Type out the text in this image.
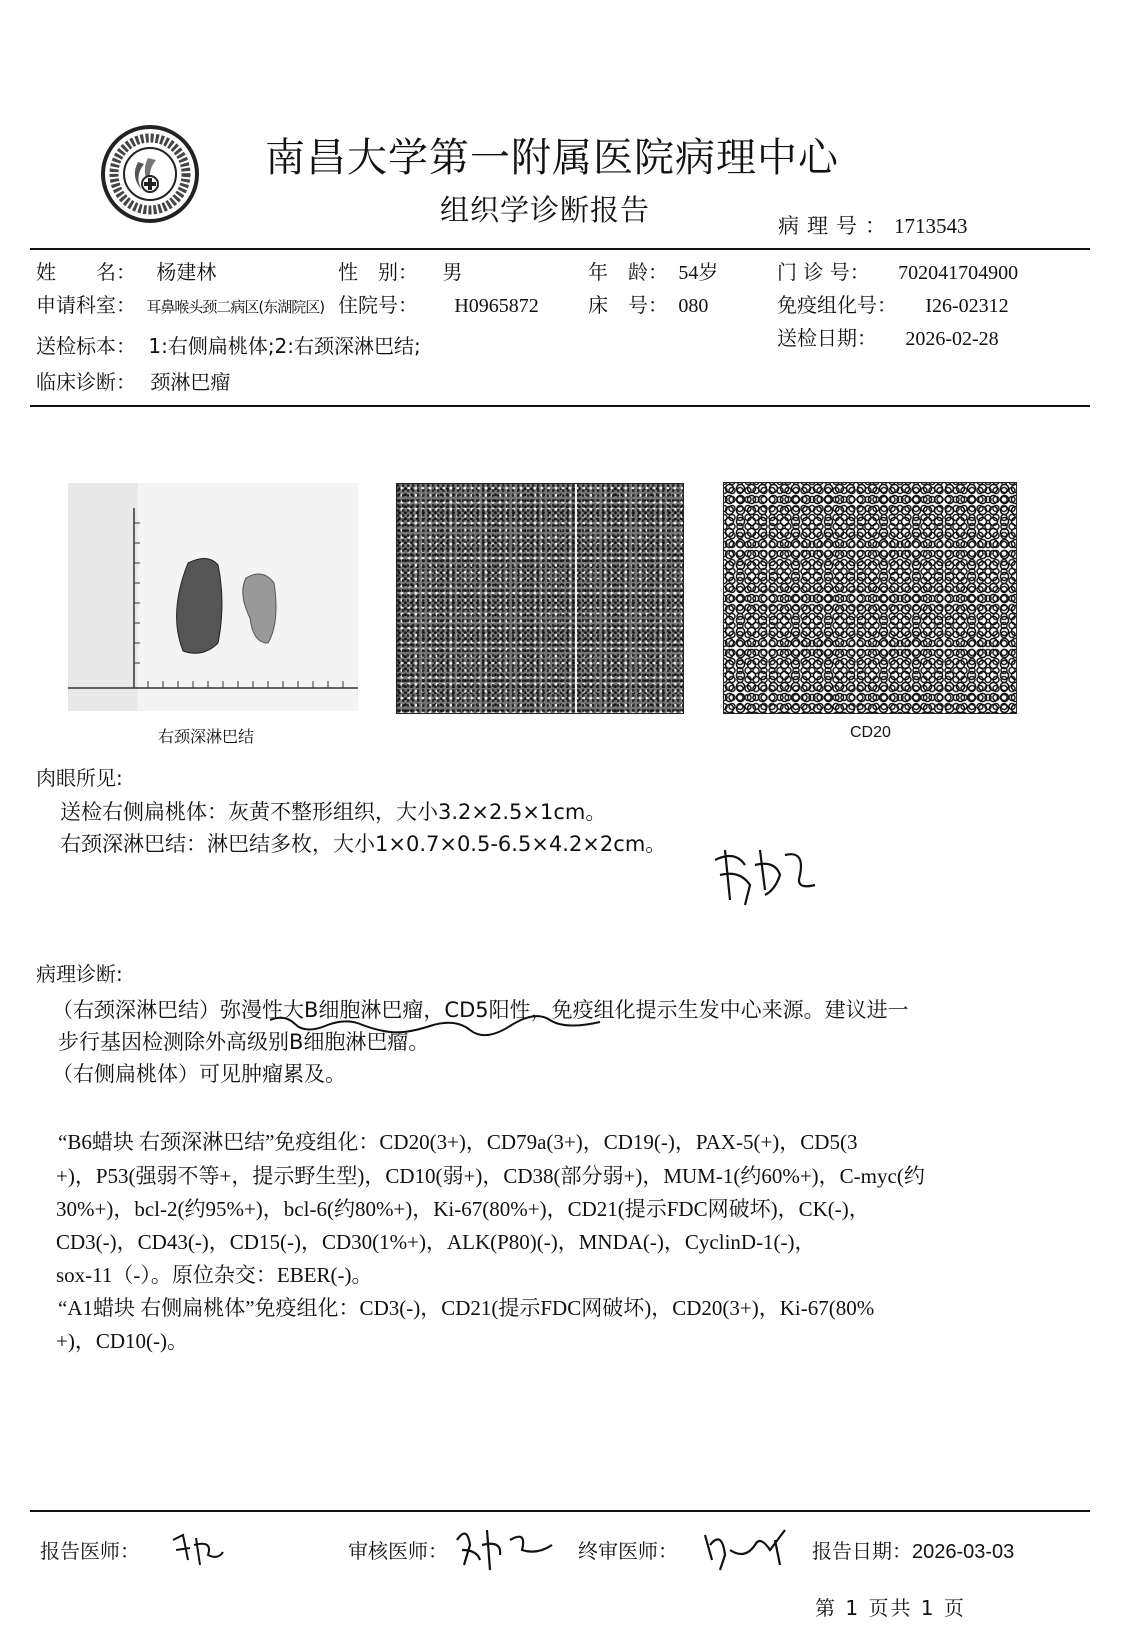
南昌大学第一附属医院病理中心
组织学诊断报告	病理号：1713543
姓　　名： 杨建林	性　别： 男	年　龄： 54岁	门 诊 号： 702041704900
申请科室： 耳鼻喉头颈二病区(东湖院区) 住院号： H0965872 床　号： 080	免疫组化号： I26-02312
送检标本： 1:右侧扁桃体;2:右颈深淋巴结;	送检日期： 2026-02-28
临床诊断： 颈淋巴瘤
右颈深淋巴结	CD20
肉眼所见:
送检右侧扁桃体：灰黄不整形组织，大小3.2×2.5×1cm。
右颈深淋巴结：淋巴结多枚，大小1×0.7×0.5-6.5×4.2×2cm。
病理诊断:
（右颈深淋巴结）弥漫性大B细胞淋巴瘤，CD5阳性，免疫组化提示生发中心来源。建议进一
步行基因检测除外高级别B细胞淋巴瘤。
（右侧扁桃体）可见肿瘤累及。
“B6蜡块 右颈深淋巴结”免疫组化：CD20(3+)，CD79a(3+)，CD19(-)，PAX-5(+)，CD5(3
+)，P53(强弱不等+，提示野生型)，CD10(弱+)，CD38(部分弱+)，MUM-1(约60%+)，C-myc(约
30%+)，bcl-2(约95%+)，bcl-6(约80%+)，Ki-67(80%+)，CD21(提示FDC网破坏)，CK(-)，
CD3(-)，CD43(-)，CD15(-)，CD30(1%+)，ALK(P80)(-)，MNDA(-)，CyclinD-1(-)，
sox-11（-）。原位杂交：EBER(-)。
“A1蜡块 右侧扁桃体”免疫组化：CD3(-)，CD21(提示FDC网破坏)，CD20(3+)，Ki-67(80%
+)，CD10(-)。
报告医师：	审核医师：	终审医师：	报告日期：2026-03-03
第 1 页共 1 页
